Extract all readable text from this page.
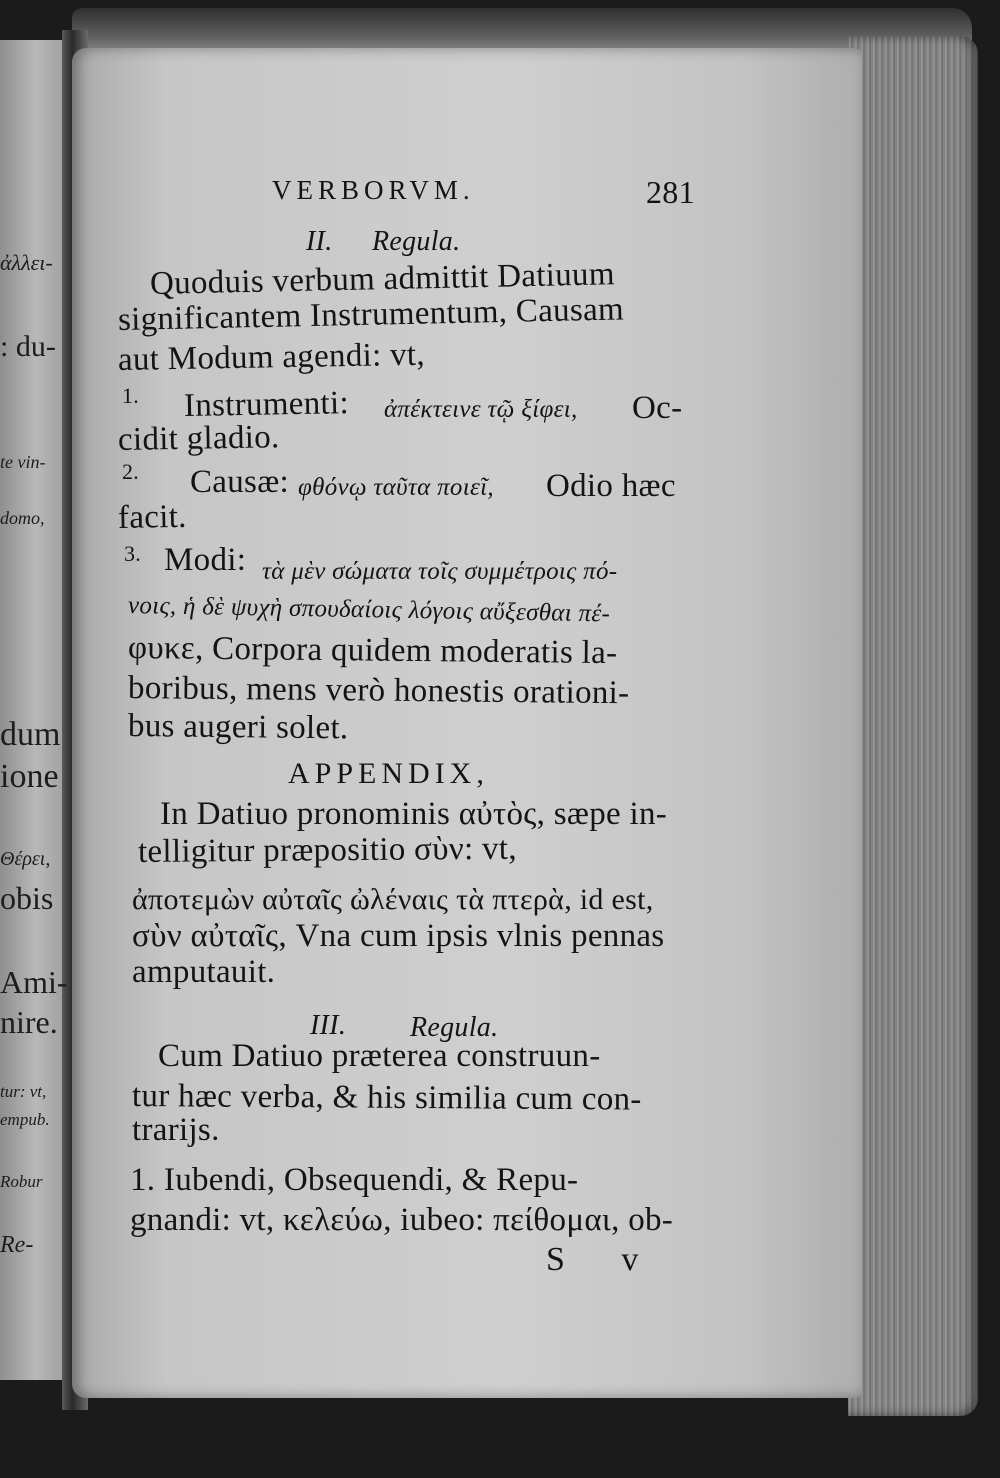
ἀλλει-
: du-
te vin-
domo,
dum
ione
Θέρει,
obis
Ami-
nire.
tur: vt,
empub.
Robur
Re-
VERBORVM.	281
II. Regula.
Quoduis verbum admittit Datiuum
significantem Instrumentum, Causam
aut Modum agendi: vt,
1. Instrumenti: ἀπέκτεινε τῷ ξίφει, Oc-
cidit gladio.
2. Causæ: φθόνῳ ταῦτα ποιεῖ, Odio hæc
facit.
3. Modi: τὰ μὲν σώματα τοῖς συμμέτροις πό-
νοις, ἡ δὲ ψυχὴ σπουδαίοις λόγοις αὔξεσθαι πέ-
φυκε, Corpora quidem moderatis la-
boribus, mens verò honestis orationi-
bus augeri solet.
APPENDIX,
In Datiuo pronominis αὐτὸς, sæpe in-
telligitur præpositio σὺν: vt,
ἀποτεμὼν αὐταῖς ὠλέναις τὰ πτερὰ, id est,
σὺν αὐταῖς, Vna cum ipsis vlnis pennas
amputauit.
III. Regula.
Cum Datiuo præterea construun-
tur hæc verba, & his similia cum con-
trarijs.
1. Iubendi, Obsequendi, & Repu-
gnandi: vt, κελεύω, iubeo: πείθομαι, ob-
S v
